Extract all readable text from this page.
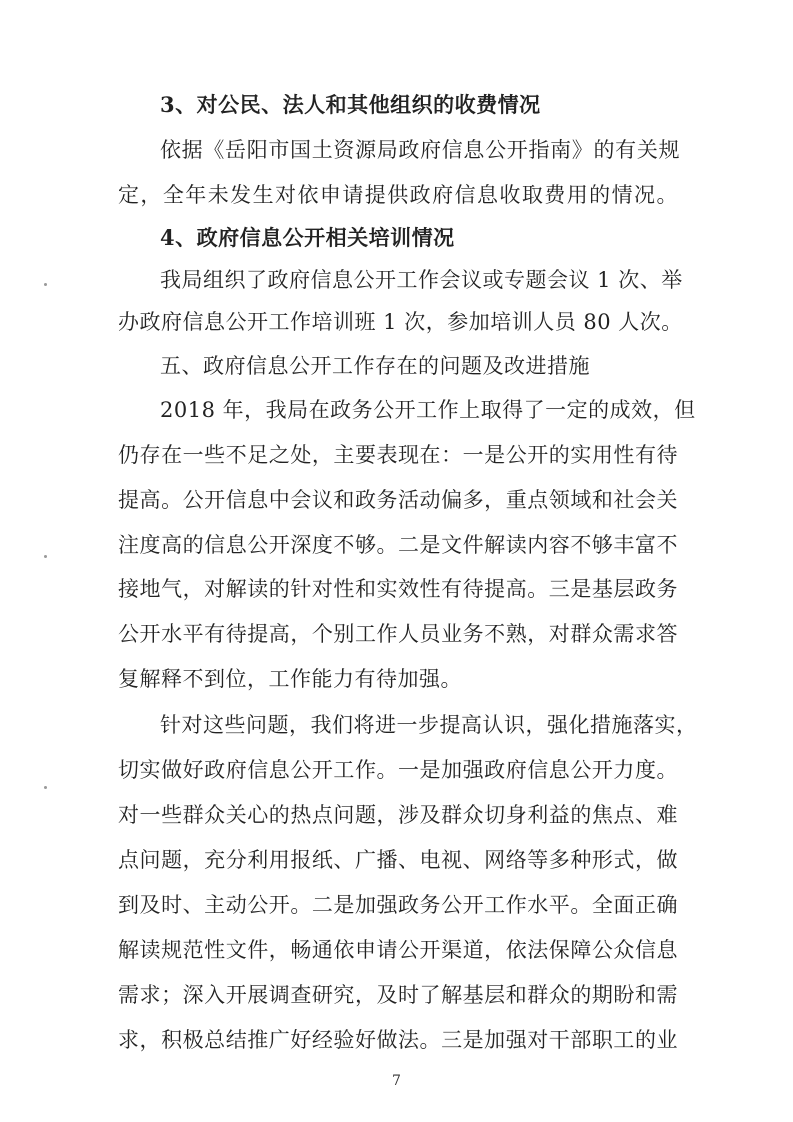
3、对公民、法人和其他组织的收费情况
依据《岳阳市国土资源局政府信息公开指南》的有关规
定，全年未发生对依申请提供政府信息收取费用的情况。
4、政府信息公开相关培训情况
我局组织了政府信息公开工作会议或专题会议 1 次、举
办政府信息公开工作培训班 1 次，参加培训人员 80 人次。
五、政府信息公开工作存在的问题及改进措施
2018 年，我局在政务公开工作上取得了一定的成效，但
仍存在一些不足之处，主要表现在：一是公开的实用性有待
提高。公开信息中会议和政务活动偏多，重点领域和社会关
注度高的信息公开深度不够。二是文件解读内容不够丰富不
接地气，对解读的针对性和实效性有待提高。三是基层政务
公开水平有待提高，个别工作人员业务不熟，对群众需求答
复解释不到位，工作能力有待加强。
针对这些问题，我们将进一步提高认识，强化措施落实，
切实做好政府信息公开工作。一是加强政府信息公开力度。
对一些群众关心的热点问题，涉及群众切身利益的焦点、难
点问题，充分利用报纸、广播、电视、网络等多种形式，做
到及时、主动公开。二是加强政务公开工作水平。全面正确
解读规范性文件，畅通依申请公开渠道，依法保障公众信息
需求；深入开展调查研究，及时了解基层和群众的期盼和需
求，积极总结推广好经验好做法。三是加强对干部职工的业
7
